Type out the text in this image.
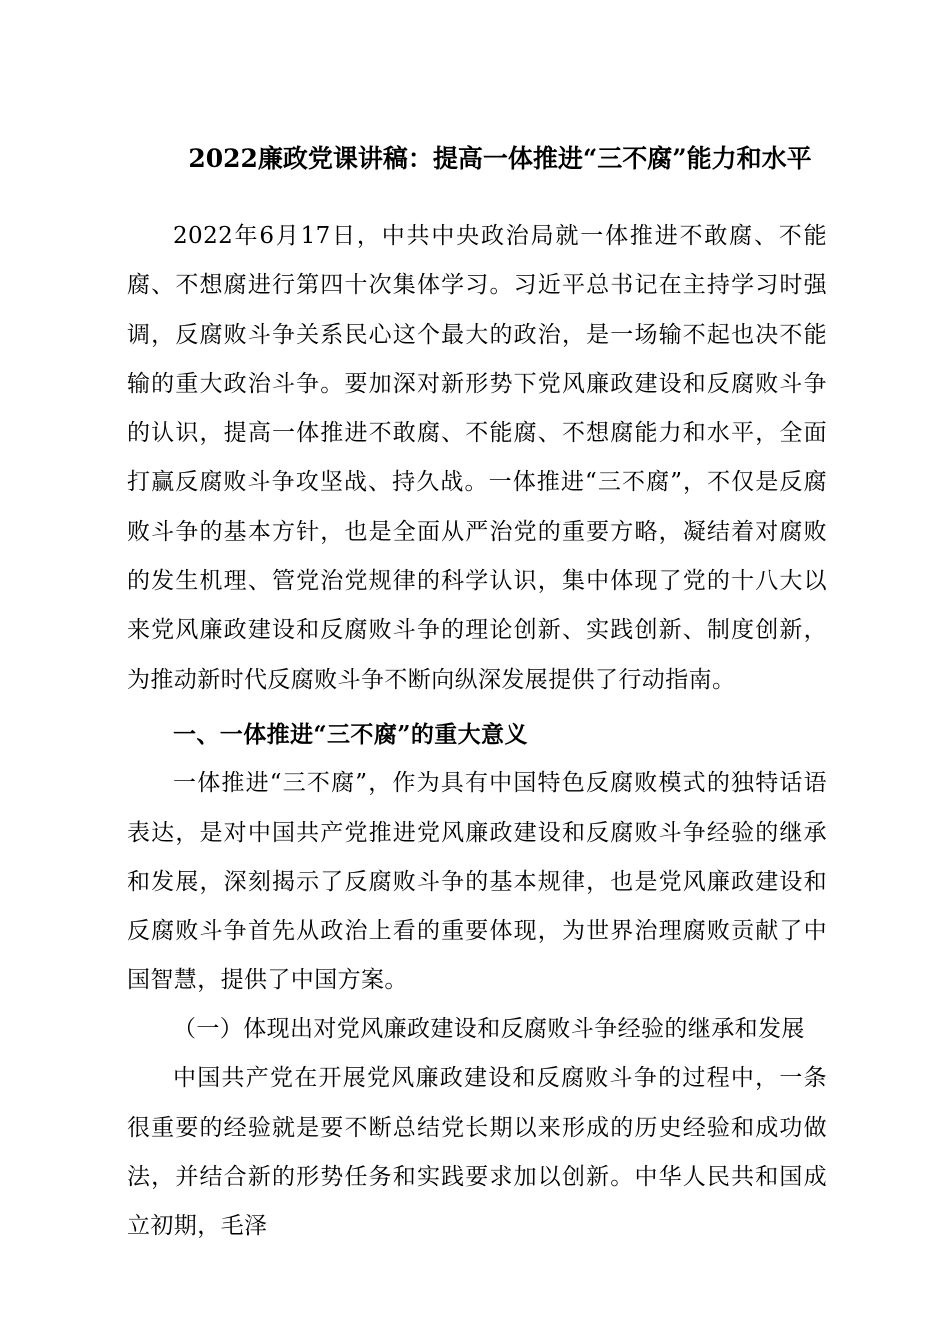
2022廉政党课讲稿：提高一体推进“三不腐”能力和水平

2022年6月17日，中共中央政治局就一体推进不敢腐、不能腐、不想腐进行第四十次集体学习。习近平总书记在主持学习时强调，反腐败斗争关系民心这个最大的政治，是一场输不起也决不能输的重大政治斗争。要加深对新形势下党风廉政建设和反腐败斗争的认识，提高一体推进不敢腐、不能腐、不想腐能力和水平，全面打赢反腐败斗争攻坚战、持久战。一体推进“三不腐”，不仅是反腐败斗争的基本方针，也是全面从严治党的重要方略，凝结着对腐败的发生机理、管党治党规律的科学认识，集中体现了党的十八大以来党风廉政建设和反腐败斗争的理论创新、实践创新、制度创新，为推动新时代反腐败斗争不断向纵深发展提供了行动指南。

一、一体推进“三不腐”的重大意义

一体推进“三不腐”，作为具有中国特色反腐败模式的独特话语表达，是对中国共产党推进党风廉政建设和反腐败斗争经验的继承和发展，深刻揭示了反腐败斗争的基本规律，也是党风廉政建设和反腐败斗争首先从政治上看的重要体现，为世界治理腐败贡献了中国智慧，提供了中国方案。

（一）体现出对党风廉政建设和反腐败斗争经验的继承和发展

中国共产党在开展党风廉政建设和反腐败斗争的过程中，一条很重要的经验就是要不断总结党长期以来形成的历史经验和成功做法，并结合新的形势任务和实践要求加以创新。中华人民共和国成立初期，毛泽
